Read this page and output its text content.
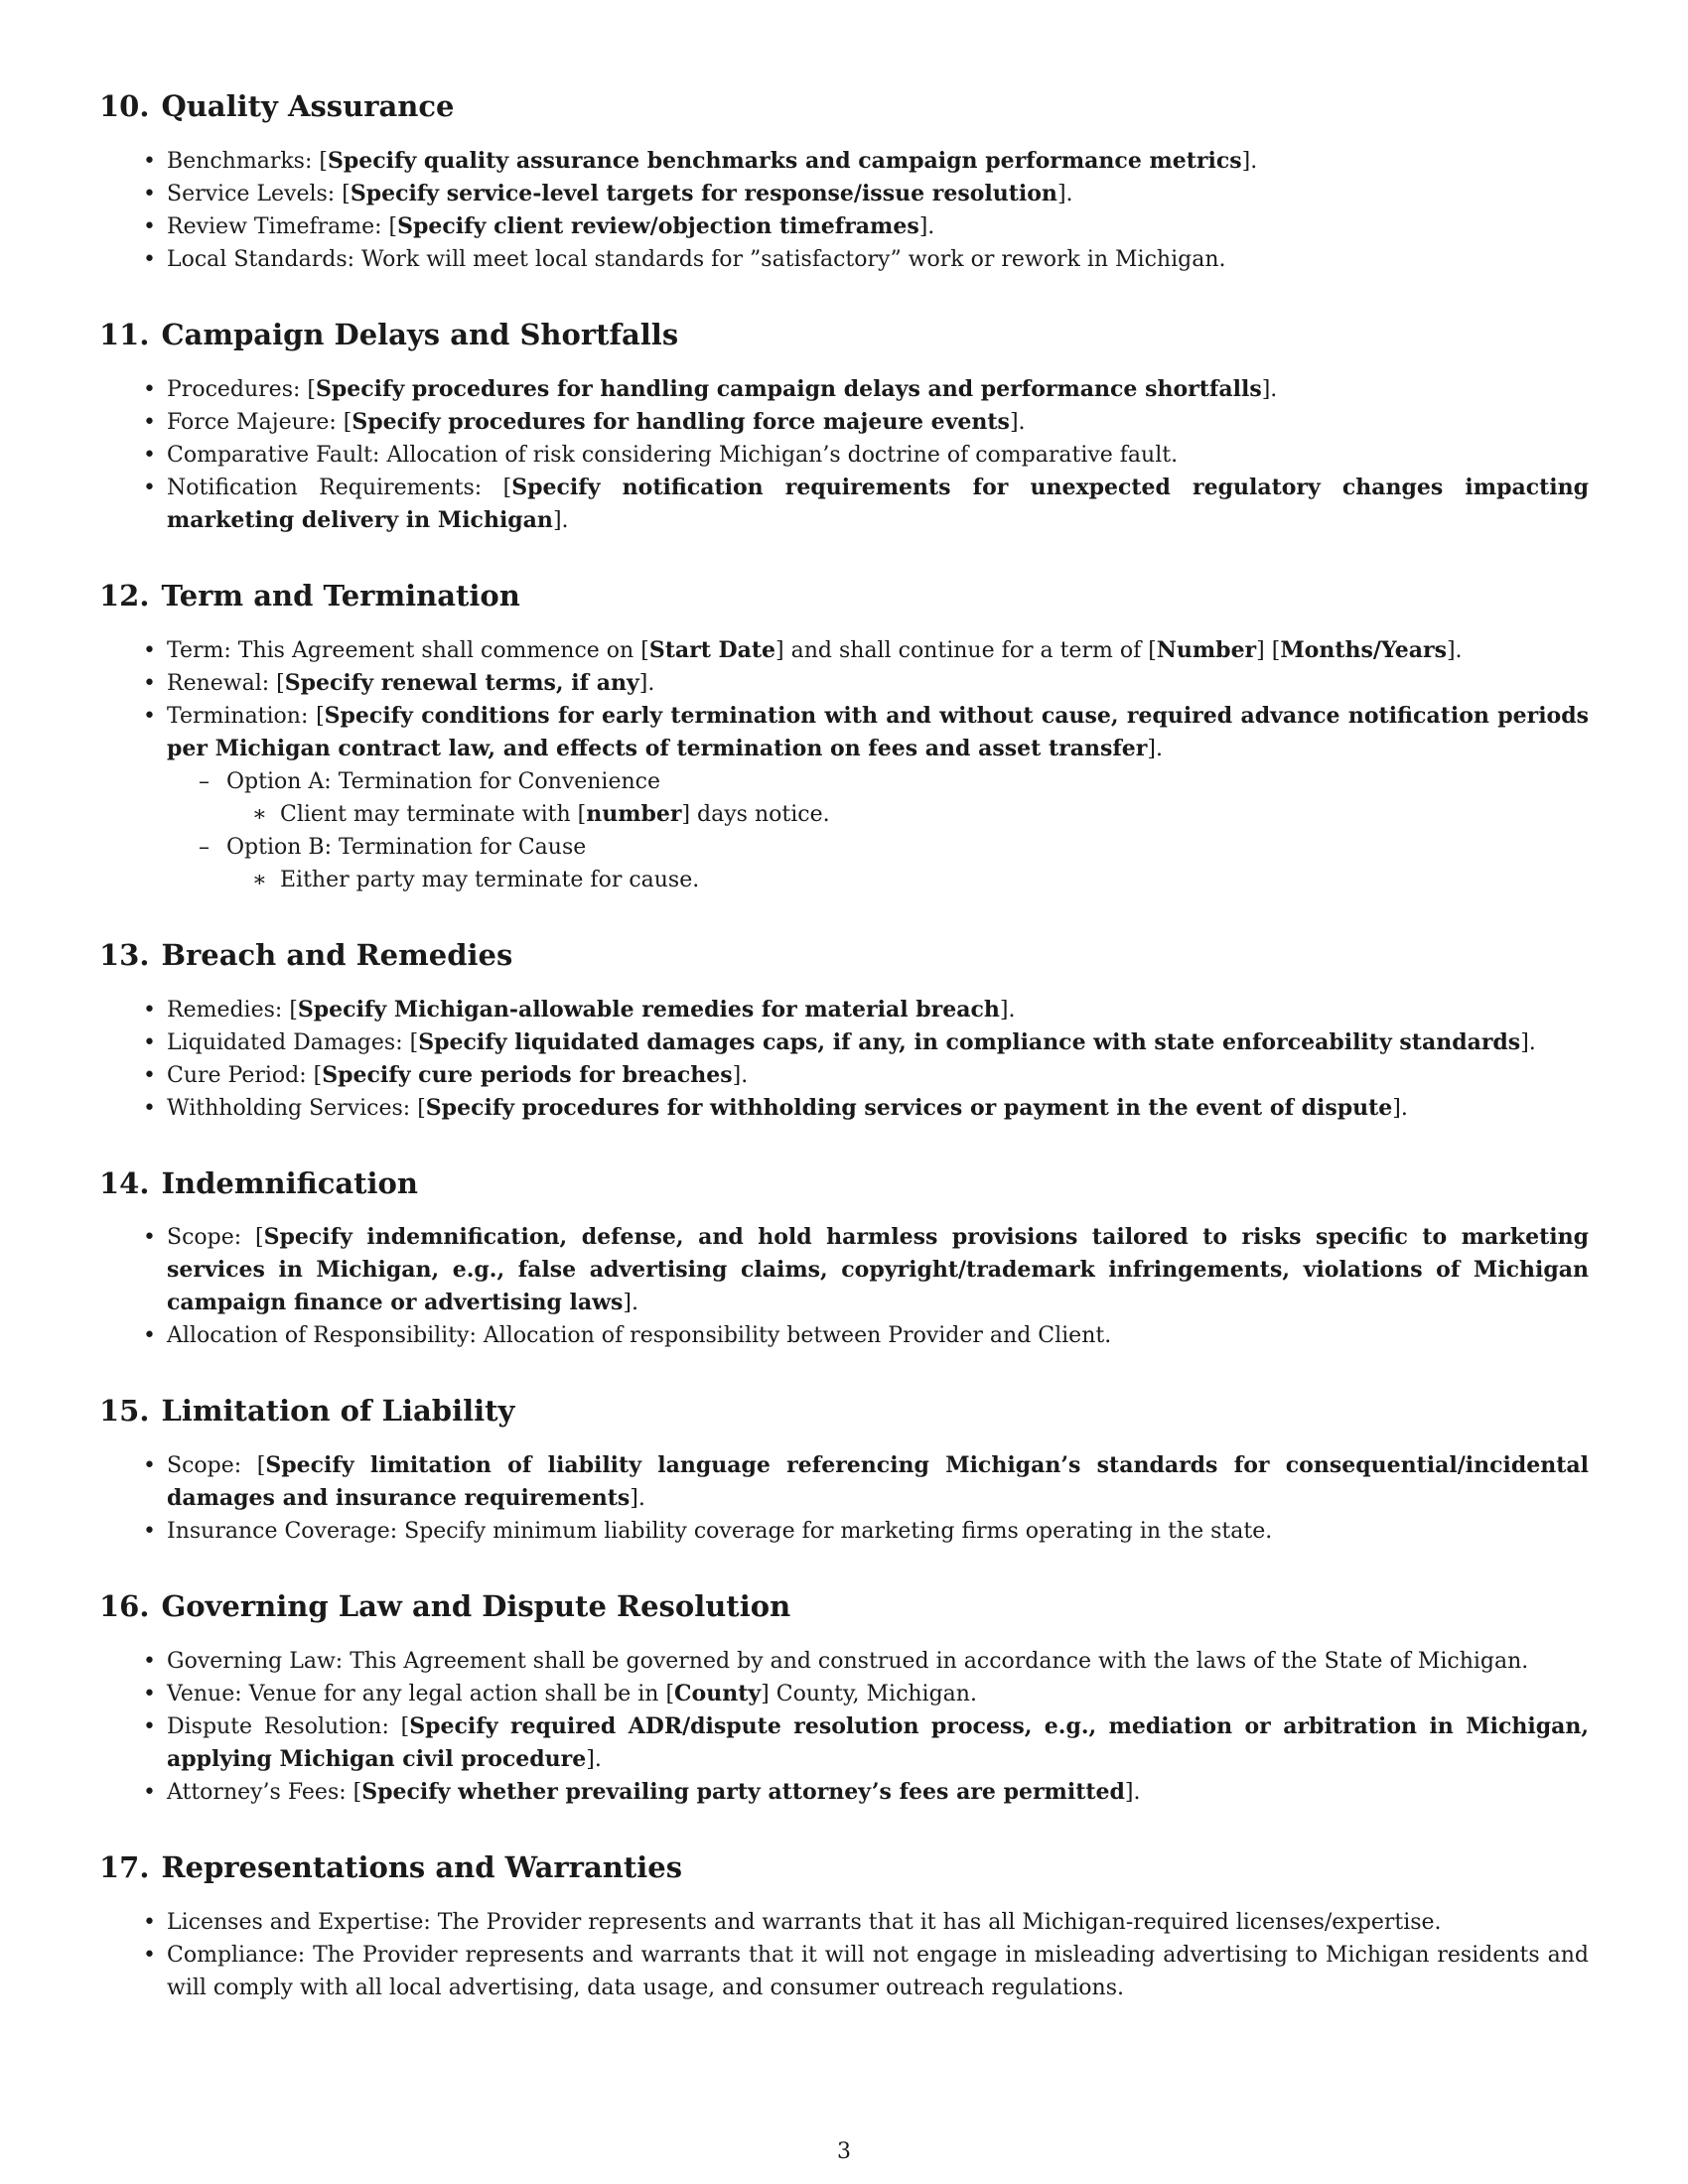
10. Quality Assurance
• Benchmarks: [Specify quality assurance benchmarks and campaign performance metrics].
• Service Levels: [Specify service-level targets for response/issue resolution].
• Review Timeframe: [Specify client review/objection timeframes].
• Local Standards: Work will meet local standards for ”satisfactory” work or rework in Michigan.
11. Campaign Delays and Shortfalls
• Procedures: [Specify procedures for handling campaign delays and performance shortfalls].
• Force Majeure: [Specify procedures for handling force majeure events].
• Comparative Fault: Allocation of risk considering Michigan’s doctrine of comparative fault.
• Notification Requirements: [Specify notification requirements for unexpected regulatory changes impacting marketing delivery in Michigan].
12. Term and Termination
• Term: This Agreement shall commence on [Start Date] and shall continue for a term of [Number] [Months/Years].
• Renewal: [Specify renewal terms, if any].
• Termination: [Specify conditions for early termination with and without cause, required advance notification periods per Michigan contract law, and effects of termination on fees and asset transfer].
– Option A: Termination for Convenience
∗ Client may terminate with [number] days notice.
– Option B: Termination for Cause
∗ Either party may terminate for cause.
13. Breach and Remedies
• Remedies: [Specify Michigan-allowable remedies for material breach].
• Liquidated Damages: [Specify liquidated damages caps, if any, in compliance with state enforceability standards].
• Cure Period: [Specify cure periods for breaches].
• Withholding Services: [Specify procedures for withholding services or payment in the event of dispute].
14. Indemnification
• Scope: [Specify indemnification, defense, and hold harmless provisions tailored to risks specific to marketing services in Michigan, e.g., false advertising claims, copyright/trademark infringements, violations of Michigan campaign finance or advertising laws].
• Allocation of Responsibility: Allocation of responsibility between Provider and Client.
15. Limitation of Liability
• Scope: [Specify limitation of liability language referencing Michigan’s standards for consequential/incidental damages and insurance requirements].
• Insurance Coverage: Specify minimum liability coverage for marketing firms operating in the state.
16. Governing Law and Dispute Resolution
• Governing Law: This Agreement shall be governed by and construed in accordance with the laws of the State of Michigan.
• Venue: Venue for any legal action shall be in [County] County, Michigan.
• Dispute Resolution: [Specify required ADR/dispute resolution process, e.g., mediation or arbitration in Michigan, applying Michigan civil procedure].
• Attorney’s Fees: [Specify whether prevailing party attorney’s fees are permitted].
17. Representations and Warranties
• Licenses and Expertise: The Provider represents and warrants that it has all Michigan-required licenses/expertise.
• Compliance: The Provider represents and warrants that it will not engage in misleading advertising to Michigan residents and will comply with all local advertising, data usage, and consumer outreach regulations.
3
